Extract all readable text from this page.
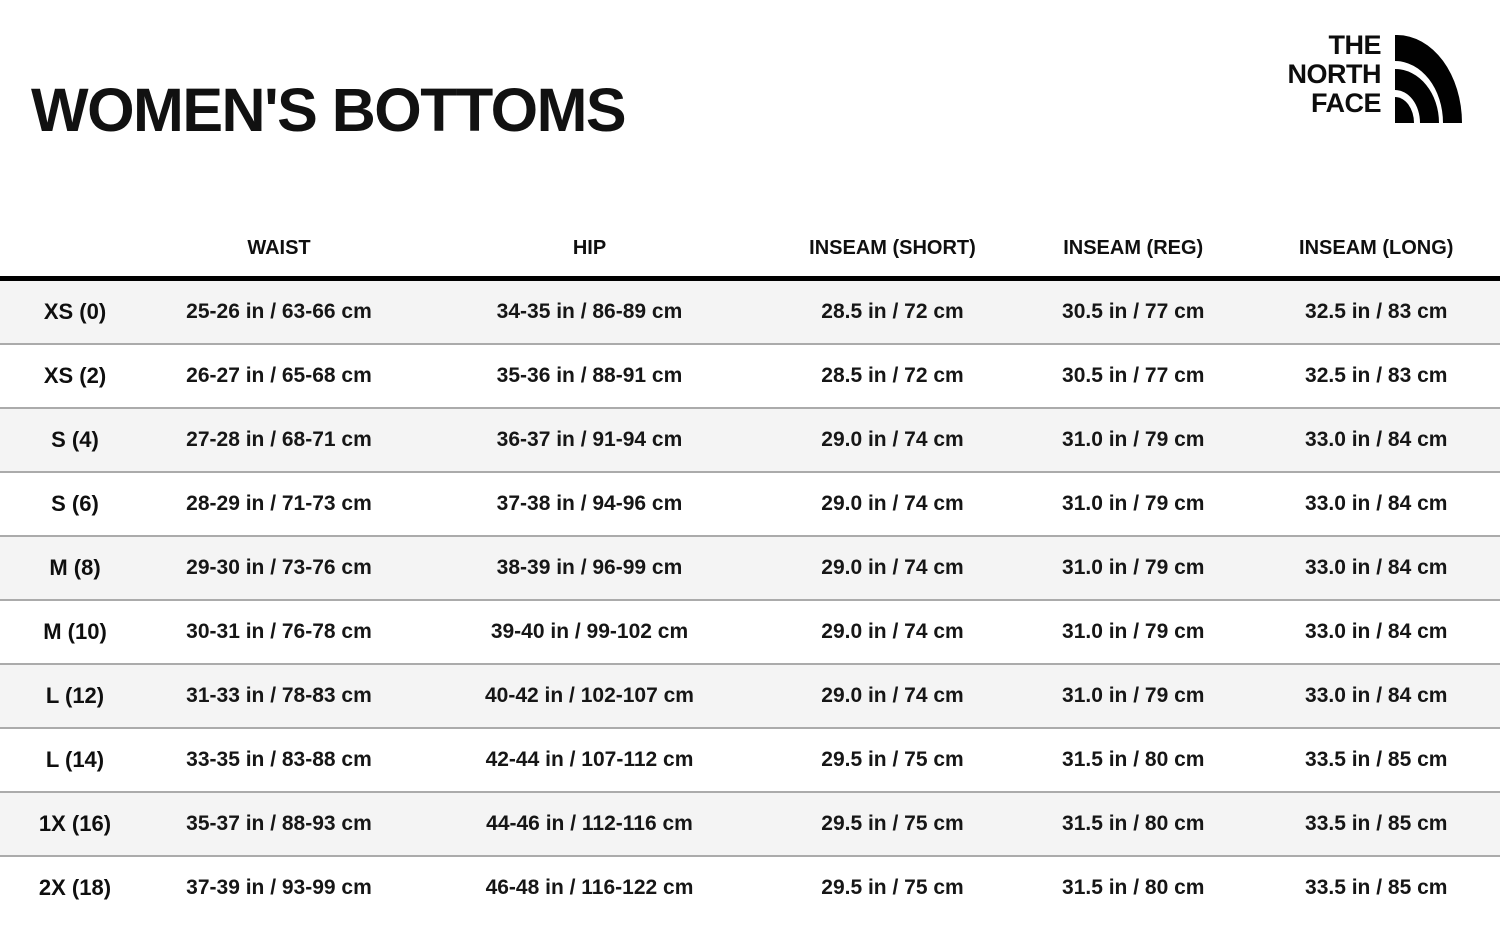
WOMEN'S BOTTOMS
THE
NORTH
FACE
	WAIST	HIP	INSEAM (SHORT)	INSEAM (REG)	INSEAM (LONG)
XS (0)	25-26 in / 63-66 cm	34-35 in / 86-89 cm	28.5 in / 72 cm	30.5 in / 77 cm	32.5 in / 83 cm
XS (2)	26-27 in / 65-68 cm	35-36 in / 88-91 cm	28.5 in / 72 cm	30.5 in / 77 cm	32.5 in / 83 cm
S (4)	27-28 in / 68-71 cm	36-37 in / 91-94 cm	29.0 in / 74 cm	31.0 in / 79 cm	33.0 in / 84 cm
S (6)	28-29 in / 71-73 cm	37-38 in / 94-96 cm	29.0 in / 74 cm	31.0 in / 79 cm	33.0 in / 84 cm
M (8)	29-30 in / 73-76 cm	38-39 in / 96-99 cm	29.0 in / 74 cm	31.0 in / 79 cm	33.0 in / 84 cm
M (10)	30-31 in / 76-78 cm	39-40 in / 99-102 cm	29.0 in / 74 cm	31.0 in / 79 cm	33.0 in / 84 cm
L (12)	31-33 in / 78-83 cm	40-42 in / 102-107 cm	29.0 in / 74 cm	31.0 in / 79 cm	33.0 in / 84 cm
L (14)	33-35 in / 83-88 cm	42-44 in / 107-112 cm	29.5 in / 75 cm	31.5 in / 80 cm	33.5 in / 85 cm
1X (16)	35-37 in / 88-93 cm	44-46 in / 112-116 cm	29.5 in / 75 cm	31.5 in / 80 cm	33.5 in / 85 cm
2X (18)	37-39 in / 93-99 cm	46-48 in / 116-122 cm	29.5 in / 75 cm	31.5 in / 80 cm	33.5 in / 85 cm
